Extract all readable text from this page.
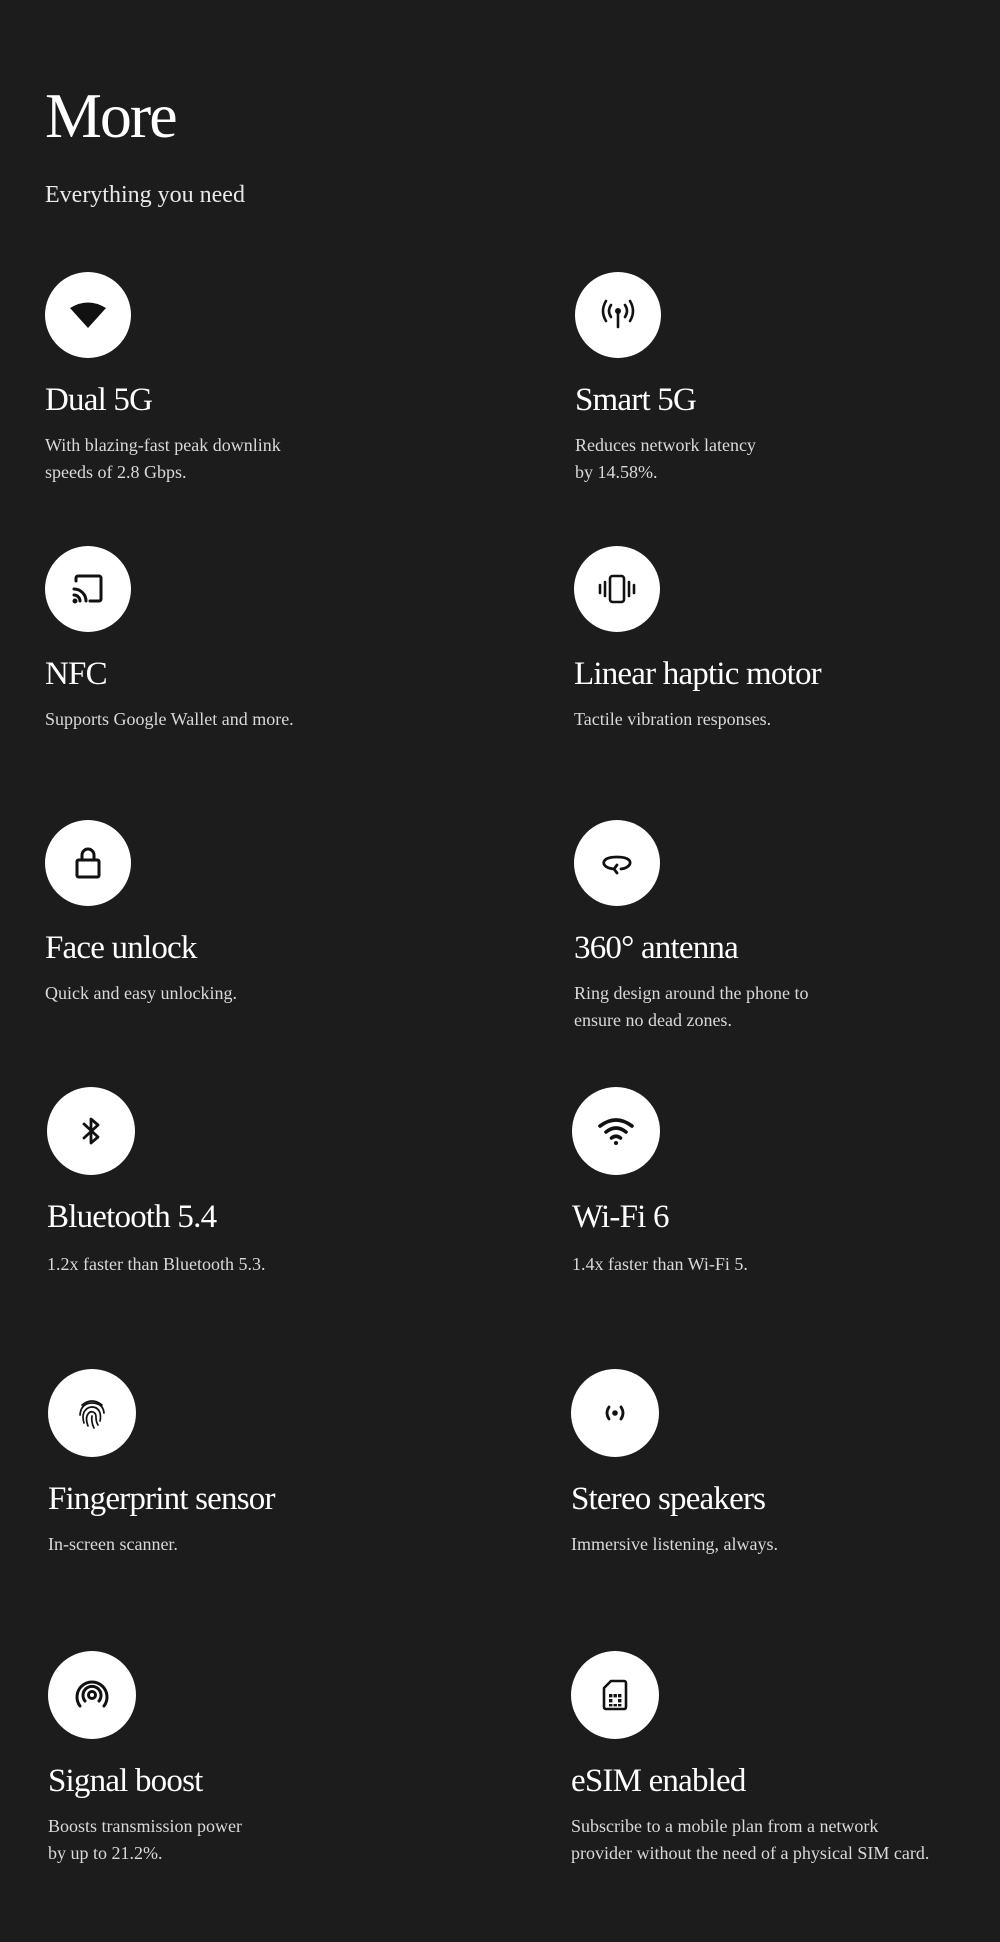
More

Everything you need

Dual 5G
With blazing-fast peak downlink
speeds of 2.8 Gbps.
Smart 5G
Reduces network latency
by 14.58%.
NFC
Supports Google Wallet and more.
Linear haptic motor
Tactile vibration responses.
Face unlock
Quick and easy unlocking.
360° antenna
Ring design around the phone to
ensure no dead zones.
Bluetooth 5.4
1.2x faster than Bluetooth 5.3.
Wi-Fi 6
1.4x faster than Wi-Fi 5.
Fingerprint sensor
In-screen scanner.
Stereo speakers
Immersive listening, always.
Signal boost
Boosts transmission power
by up to 21.2%.
eSIM enabled
Subscribe to a mobile plan from a network
provider without the need of a physical SIM card.
